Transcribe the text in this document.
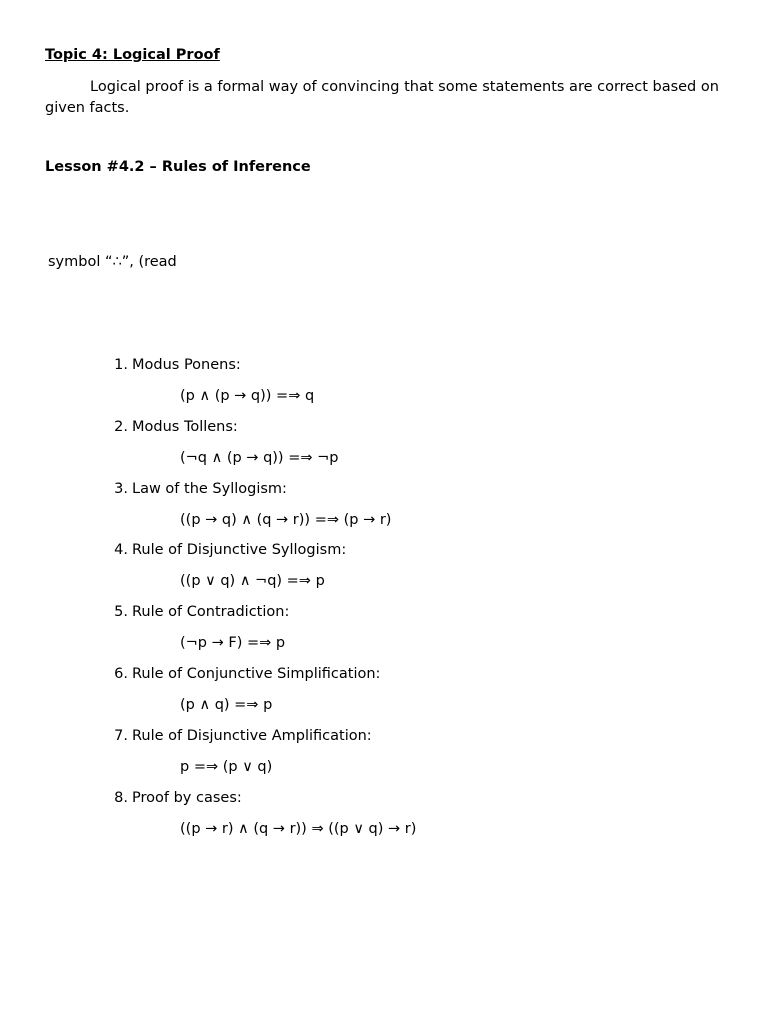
Topic 4: Logical Proof
Logical proof is a formal way of convincing that some statements are correct based on given facts.
Lesson #4.2 – Rules of Inference
symbol “∴”, (read
1. Modus Ponens:
(p ∧ (p → q)) =⇒ q
2. Modus Tollens:
(¬q ∧ (p → q)) =⇒ ¬p
3. Law of the Syllogism:
((p → q) ∧ (q → r)) =⇒ (p → r)
4. Rule of Disjunctive Syllogism:
((p ∨ q) ∧ ¬q) =⇒ p
5. Rule of Contradiction:
(¬p → F) =⇒ p
6. Rule of Conjunctive Simplification:
(p ∧ q) =⇒ p
7. Rule of Disjunctive Amplification:
p =⇒ (p ∨ q)
8. Proof by cases:
((p → r) ∧ (q → r)) ⇒ ((p ∨ q) → r)
